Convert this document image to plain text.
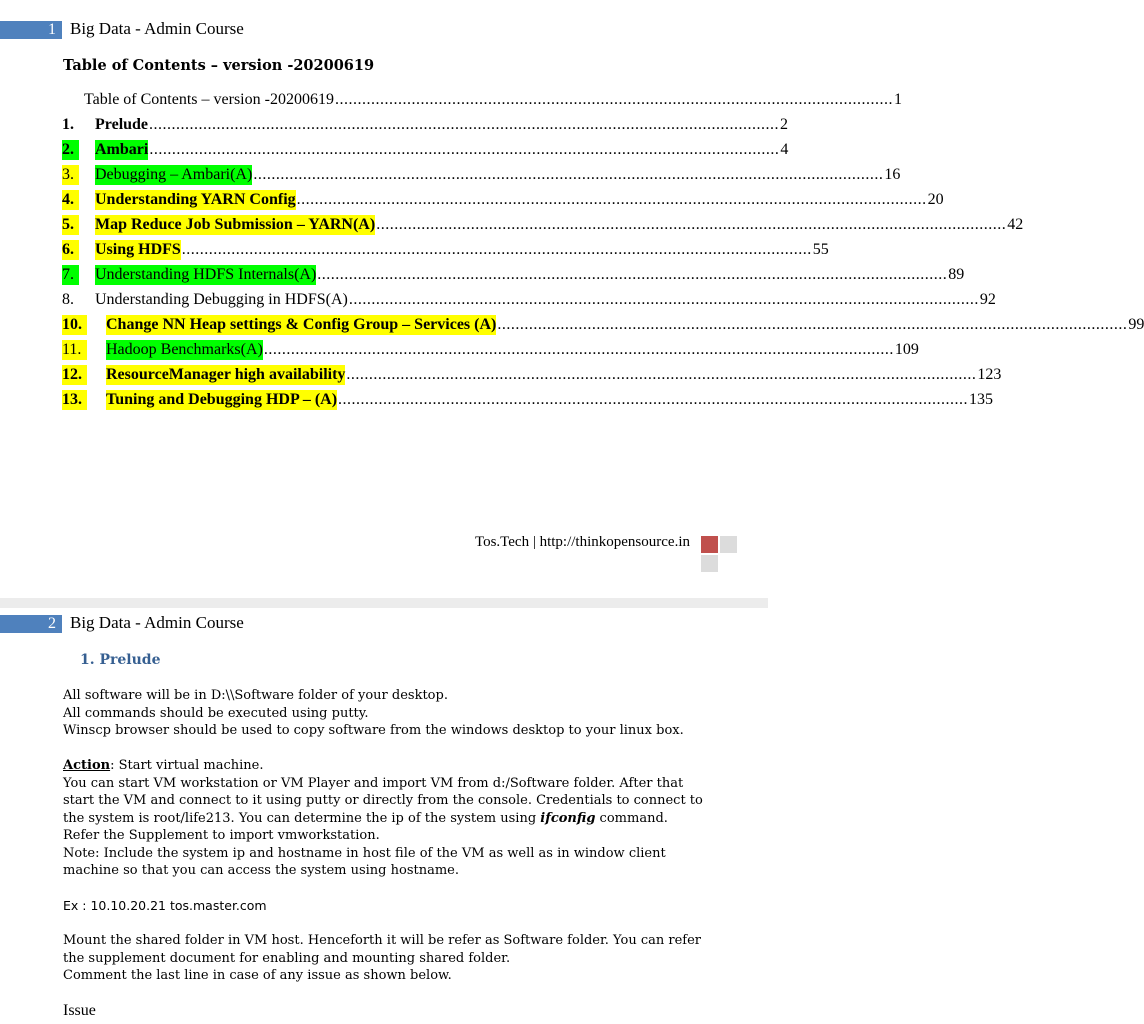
1 Big Data - Admin Course
Table of Contents – version -20200619
Table of Contents – version -20200619 ............................................................................................................................ 1
1.	Prelude ............................................................................................................................................ 2
2.	Ambari ............................................................................................................................................ 4
3.	Debugging – Ambari(A) ............................................................................................................................................ 16
4.	Understanding YARN Config ............................................................................................................................................ 20
5.	Map Reduce Job Submission – YARN(A) ............................................................................................................................................ 42
6.	Using HDFS ............................................................................................................................................ 55
7.	Understanding HDFS Internals(A) ............................................................................................................................................ 89
8.	Understanding Debugging in HDFS(A) ............................................................................................................................................ 92
10.	Change NN Heap settings & Config Group – Services (A) ............................................................................................................................................ 99
11.	Hadoop Benchmarks(A) ............................................................................................................................................ 109
12.	ResourceManager high availability ............................................................................................................................................ 123
13.	Tuning and Debugging HDP – (A) ............................................................................................................................................ 135
Tos.Tech | http://thinkopensource.in
2 Big Data - Admin Course
1. Prelude
All software will be in D:\\Software folder of your desktop.
All commands should be executed using putty.
Winscp browser should be used to copy software from the windows desktop to your linux box.
Action: Start virtual machine.
You can start VM workstation or VM Player and import VM from d:/Software folder. After that
start the VM and connect to it using putty or directly from the console. Credentials to connect to
the system is root/life213. You can determine the ip of the system using ifconfig command.
Refer the Supplement to import vmworkstation.
Note: Include the system ip and hostname in host file of the VM as well as in window client
machine so that you can access the system using hostname.
Ex : 10.10.20.21 tos.master.com
Mount the shared folder in VM host. Henceforth it will be refer as Software folder. You can refer
the supplement document for enabling and mounting shared folder.
Comment the last line in case of any issue as shown below.
Issue
